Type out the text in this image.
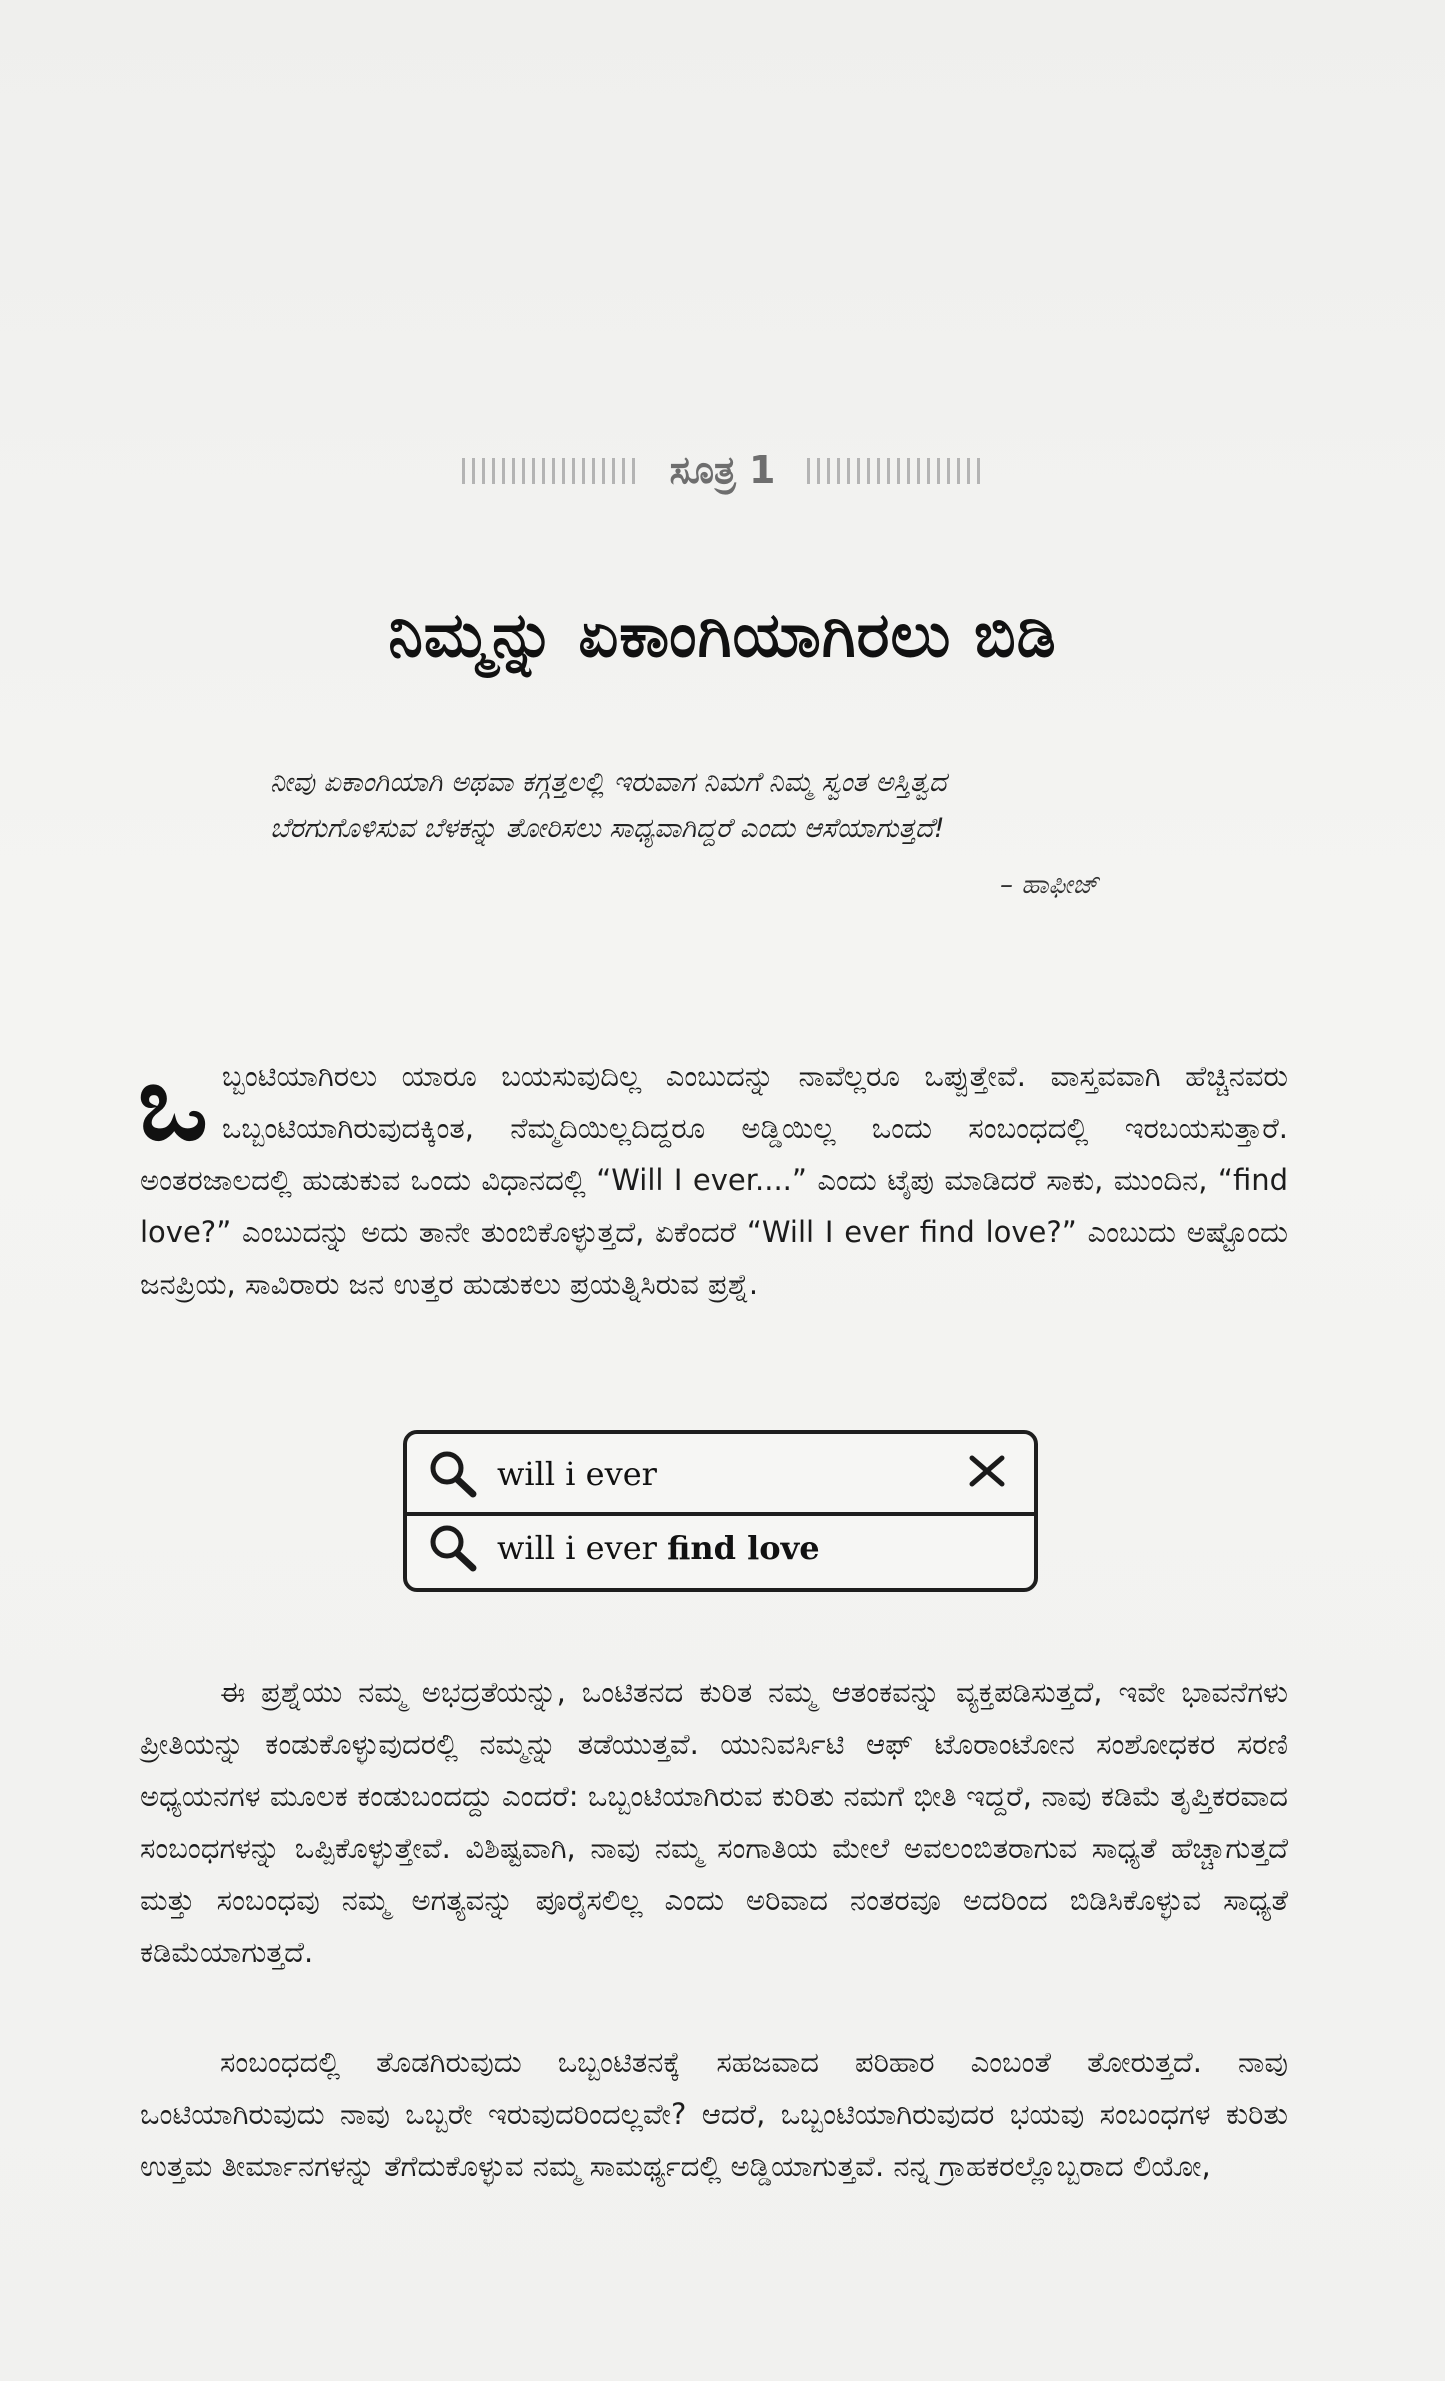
ಸೂತ್ರ 1
ನಿಮ್ಮನ್ನು ಏಕಾಂಗಿಯಾಗಿರಲು ಬಿಡಿ
ನೀವು ಏಕಾಂಗಿಯಾಗಿ ಅಥವಾ ಕಗ್ಗತ್ತಲಲ್ಲಿ ಇರುವಾಗ ನಿಮಗೆ ನಿಮ್ಮ ಸ್ವಂತ ಅಸ್ತಿತ್ವದ
ಬೆರಗುಗೊಳಿಸುವ ಬೆಳಕನ್ನು ತೋರಿಸಲು ಸಾಧ್ಯವಾಗಿದ್ದರೆ ಎಂದು ಆಸೆಯಾಗುತ್ತದೆ!
– ಹಾಫೀಜ್

ಒಬ್ಬಂಟಿಯಾಗಿರಲು ಯಾರೂ ಬಯಸುವುದಿಲ್ಲ ಎಂಬುದನ್ನು ನಾವೆಲ್ಲರೂ ಒಪ್ಪುತ್ತೇವೆ. ವಾಸ್ತವವಾಗಿ ಹೆಚ್ಚಿನವರು ಒಬ್ಬಂಟಿಯಾಗಿರುವುದಕ್ಕಿಂತ, ನೆಮ್ಮದಿಯಿಲ್ಲದಿದ್ದರೂ ಅಡ್ಡಿಯಿಲ್ಲ ಒಂದು ಸಂಬಂಧದಲ್ಲಿ ಇರಬಯಸುತ್ತಾರೆ. ಅಂತರಜಾಲದಲ್ಲಿ ಹುಡುಕುವ ಒಂದು ವಿಧಾನದಲ್ಲಿ “Will I ever....” ಎಂದು ಟೈಪು ಮಾಡಿದರೆ ಸಾಕು, ಮುಂದಿನ, “find love?” ಎಂಬುದನ್ನು ಅದು ತಾನೇ ತುಂಬಿಕೊಳ್ಳುತ್ತದೆ, ಏಕೆಂದರೆ “Will I ever find love?” ಎಂಬುದು ಅಷ್ಟೊಂದು ಜನಪ್ರಿಯ, ಸಾವಿರಾರು ಜನ ಉತ್ತರ ಹುಡುಕಲು ಪ್ರಯತ್ನಿಸಿರುವ ಪ್ರಶ್ನೆ.

will i ever
will i ever find love

ಈ ಪ್ರಶ್ನೆಯು ನಮ್ಮ ಅಭದ್ರತೆಯನ್ನು, ಒಂಟಿತನದ ಕುರಿತ ನಮ್ಮ ಆತಂಕವನ್ನು ವ್ಯಕ್ತಪಡಿಸುತ್ತದೆ, ಇವೇ ಭಾವನೆಗಳು ಪ್ರೀತಿಯನ್ನು ಕಂಡುಕೊಳ್ಳುವುದರಲ್ಲಿ ನಮ್ಮನ್ನು ತಡೆಯುತ್ತವೆ. ಯುನಿವರ್ಸಿಟಿ ಆಫ್ ಟೊರಾಂಟೋನ ಸಂಶೋಧಕರ ಸರಣಿ ಅಧ್ಯಯನಗಳ ಮೂಲಕ ಕಂಡುಬಂದದ್ದು ಎಂದರೆ: ಒಬ್ಬಂಟಿಯಾಗಿರುವ ಕುರಿತು ನಮಗೆ ಭೀತಿ ಇದ್ದರೆ, ನಾವು ಕಡಿಮೆ ತೃಪ್ತಿಕರವಾದ ಸಂಬಂಧಗಳನ್ನು ಒಪ್ಪಿಕೊಳ್ಳುತ್ತೇವೆ. ವಿಶಿಷ್ಟವಾಗಿ, ನಾವು ನಮ್ಮ ಸಂಗಾತಿಯ ಮೇಲೆ ಅವಲಂಬಿತರಾಗುವ ಸಾಧ್ಯತೆ ಹೆಚ್ಚಾಗುತ್ತದೆ ಮತ್ತು ಸಂಬಂಧವು ನಮ್ಮ ಅಗತ್ಯವನ್ನು ಪೂರೈಸಲಿಲ್ಲ ಎಂದು ಅರಿವಾದ ನಂತರವೂ ಅದರಿಂದ ಬಿಡಿಸಿಕೊಳ್ಳುವ ಸಾಧ್ಯತೆ ಕಡಿಮೆಯಾಗುತ್ತದೆ.

ಸಂಬಂಧದಲ್ಲಿ ತೊಡಗಿರುವುದು ಒಬ್ಬಂಟಿತನಕ್ಕೆ ಸಹಜವಾದ ಪರಿಹಾರ ಎಂಬಂತೆ ತೋರುತ್ತದೆ. ನಾವು ಒಂಟಿಯಾಗಿರುವುದು ನಾವು ಒಬ್ಬರೇ ಇರುವುದರಿಂದಲ್ಲವೇ? ಆದರೆ, ಒಬ್ಬಂಟಿಯಾಗಿರುವುದರ ಭಯವು ಸಂಬಂಧಗಳ ಕುರಿತು ಉತ್ತಮ ತೀರ್ಮಾನಗಳನ್ನು ತೆಗೆದುಕೊಳ್ಳುವ ನಮ್ಮ ಸಾಮರ್ಥ್ಯದಲ್ಲಿ ಅಡ್ಡಿಯಾಗುತ್ತವೆ. ನನ್ನ ಗ್ರಾಹಕರಲ್ಲೊಬ್ಬರಾದ ಲಿಯೋ,
